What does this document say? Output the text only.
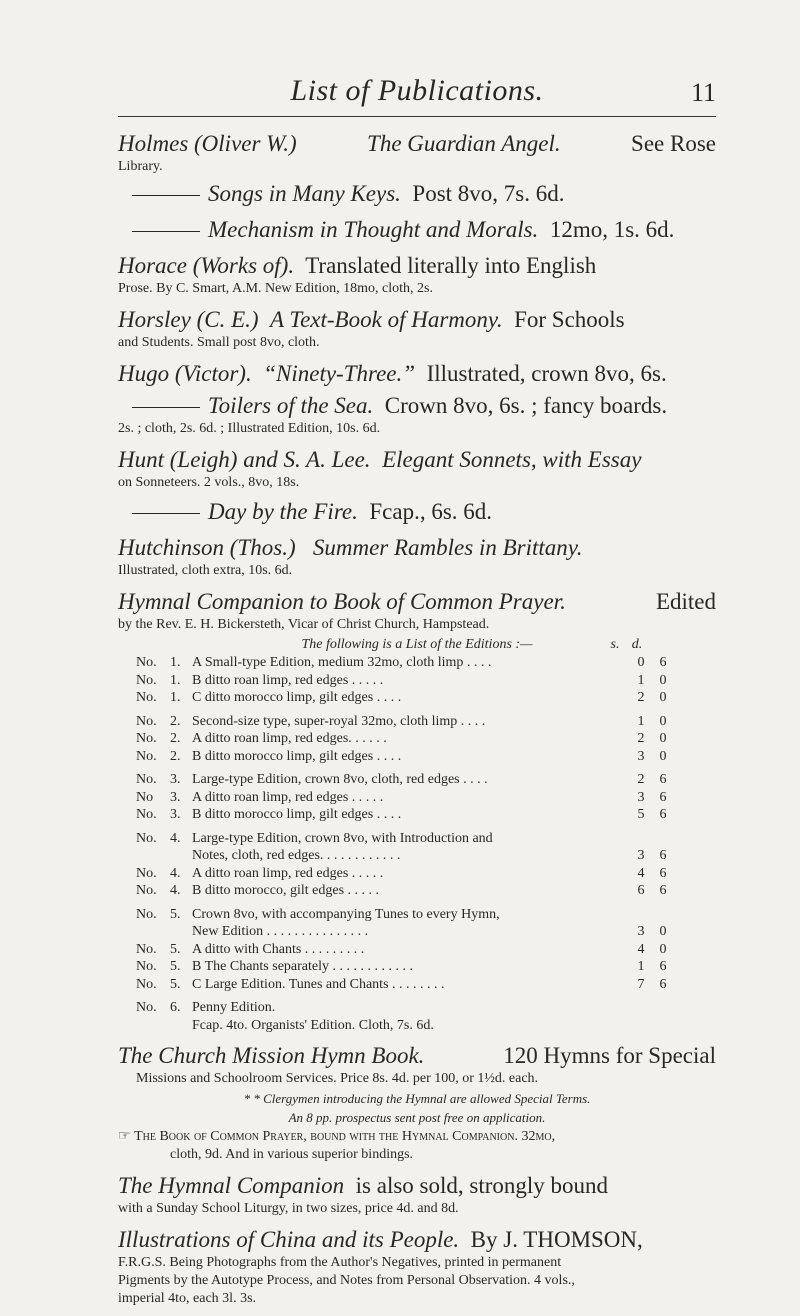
List of Publications.	11
Holmes (Oliver W.)	The Guardian Angel.	See Rose
Library.
Songs in Many Keys. Post 8vo, 7s. 6d.
Mechanism in Thought and Morals. 12mo, 1s. 6d.
Horace (Works of). Translated literally into English
Prose. By C. Smart, A.M. New Edition, 18mo, cloth, 2s.
Horsley (C. E.) A Text-Book of Harmony. For Schools
and Students. Small post 8vo, cloth.
Hugo (Victor). “Ninety-Three.” Illustrated, crown 8vo, 6s.
Toilers of the Sea. Crown 8vo, 6s. ; fancy boards.
2s. ; cloth, 2s. 6d. ; Illustrated Edition, 10s. 6d.
Hunt (Leigh) and S. A. Lee. Elegant Sonnets, with Essay
on Sonneteers. 2 vols., 8vo, 18s.
Day by the Fire. Fcap., 6s. 6d.
Hutchinson (Thos.) Summer Rambles in Brittany.
Illustrated, cloth extra, 10s. 6d.
Hymnal Companion to Book of Common Prayer.	Edited
by the Rev. E. H. Bickersteth, Vicar of Christ Church, Hampstead.
The following is a List of the Editions :—	s. d.
No.	1.	A Small-type Edition, medium 32mo, cloth limp . . . .	0	6
No.	1.	B ditto roan limp, red edges . . . . .	1	0
No.	1.	C ditto morocco limp, gilt edges . . . .	2	0

No.	2.	Second-size type, super-royal 32mo, cloth limp . . . .	1	0
No.	2.	A ditto roan limp, red edges. . . . . .	2	0
No.	2.	B ditto morocco limp, gilt edges . . . .	3	0

No.	3.	Large-type Edition, crown 8vo, cloth, red edges . . . .	2	6
No	3.	A ditto roan limp, red edges . . . . .	3	6
No.	3.	B ditto morocco limp, gilt edges . . . .	5	6

No.	4.	Large-type Edition, crown 8vo, with Introduction and		
		Notes, cloth, red edges. . . . . . . . . . . .	3	6
No.	4.	A ditto roan limp, red edges . . . . .	4	6
No.	4.	B ditto morocco, gilt edges . . . . .	6	6

No.	5.	Crown 8vo, with accompanying Tunes to every Hymn,		
		New Edition . . . . . . . . . . . . . . .	3	0
No.	5.	A ditto with Chants . . . . . . . . .	4	0
No.	5.	B The Chants separately . . . . . . . . . . . .	1	6
No.	5.	C Large Edition. Tunes and Chants . . . . . . . .	7	6

No.	6.	Penny Edition.		
		Fcap. 4to. Organists' Edition. Cloth, 7s. 6d.		
The Church Mission Hymn Book.	120 Hymns for Special
Missions and Schoolroom Services. Price 8s. 4d. per 100, or 1½d. each.
* * Clergymen introducing the Hymnal are allowed Special Terms.
An 8 pp. prospectus sent post free on application.
☞ The Book of Common Prayer, bound with the Hymnal Companion. 32mo,
cloth, 9d. And in various superior bindings.
The Hymnal Companion is also sold, strongly bound
with a Sunday School Liturgy, in two sizes, price 4d. and 8d.
Illustrations of China and its People. By J. THOMSON,
F.R.G.S. Being Photographs from the Author's Negatives, printed in permanent
Pigments by the Autotype Process, and Notes from Personal Observation. 4 vols.,
imperial 4to, each 3l. 3s.
